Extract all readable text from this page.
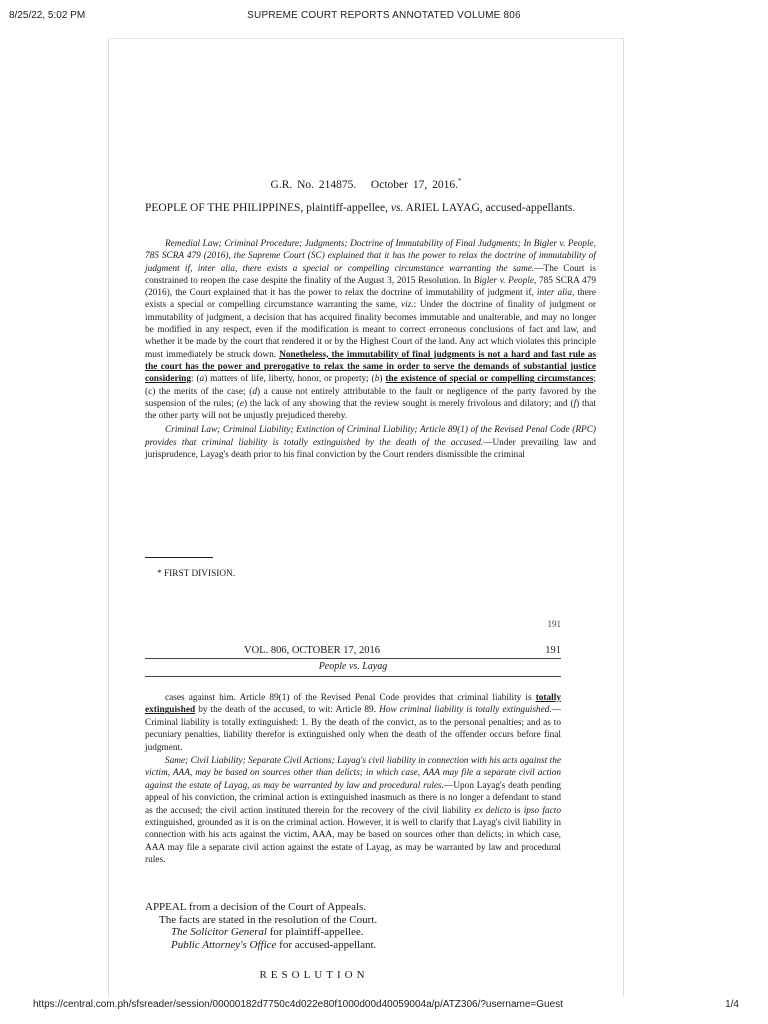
8/25/22, 5:02 PM	SUPREME COURT REPORTS ANNOTATED VOLUME 806
G.R. No. 214875. October 17, 2016.*
PEOPLE OF THE PHILIPPINES, plaintiff-appellee, vs. ARIEL LAYAG, accused-appellants.

Remedial Law; Criminal Procedure; Judgments; Doctrine of Immutability of Final Judgments; In Bigler v. People, 785 SCRA 479 (2016), the Supreme Court (SC) explained that it has the power to relax the doctrine of immutability of judgment if, inter alia, there exists a special or compelling circumstance warranting the same.—The Court is constrained to reopen the case despite the finality of the August 3, 2015 Resolution. In Bigler v. People, 785 SCRA 479 (2016), the Court explained that it has the power to relax the doctrine of immutability of judgment if, inter alia, there exists a special or compelling circumstance warranting the same, viz.: Under the doctrine of finality of judgment or immutability of judgment, a decision that has acquired finality becomes immutable and unalterable, and may no longer be modified in any respect, even if the modification is meant to correct erroneous conclusions of fact and law, and whether it be made by the court that rendered it or by the Highest Court of the land. Any act which violates this principle must immediately be struck down. Nonetheless, the immutability of final judgments is not a hard and fast rule as the court has the power and prerogative to relax the same in order to serve the demands of substantial justice considering: (a) matters of life, liberty, honor, or property; (b) the existence of special or compelling circumstances; (c) the merits of the case; (d) a cause not entirely attributable to the fault or negligence of the party favored by the suspension of the rules; (e) the lack of any showing that the review sought is merely frivolous and dilatory; and (f) that the other party will not be unjustly prejudiced thereby.

Criminal Law; Criminal Liability; Extinction of Criminal Liability; Article 89(1) of the Revised Penal Code (RPC) provides that criminal liability is totally extinguished by the death of the accused.—Under prevailing law and jurisprudence, Layag's death prior to his final conviction by the Court renders dismissible the criminal

* FIRST DIVISION.
191
VOL. 806, OCTOBER 17, 2016	191
People vs. Layag

cases against him. Article 89(1) of the Revised Penal Code provides that criminal liability is totally extinguished by the death of the accused, to wit: Article 89. How criminal liability is totally extinguished.—Criminal liability is totally extinguished: 1. By the death of the convict, as to the personal penalties; and as to pecuniary penalties, liability therefor is extinguished only when the death of the offender occurs before final judgment.

Same; Civil Liability; Separate Civil Actions; Layag's civil liability in connection with his acts against the victim, AAA, may be based on sources other than delicts; in which case, AAA may file a separate civil action against the estate of Layag, as may be warranted by law and procedural rules.—Upon Layag's death pending appeal of his conviction, the criminal action is extinguished inasmuch as there is no longer a defendant to stand as the accused; the civil action instituted therein for the recovery of the civil liability ex delicto is ipso facto extinguished, grounded as it is on the criminal action. However, it is well to clarify that Layag's civil liability in connection with his acts against the victim, AAA, may be based on sources other than delicts; in which case, AAA may file a separate civil action against the estate of Layag, as may be warranted by law and procedural rules.

APPEAL from a decision of the Court of Appeals.
The facts are stated in the resolution of the Court.
The Solicitor General for plaintiff-appellee.
Public Attorney's Office for accused-appellant.
RESOLUTION
https://central.com.ph/sfsreader/session/00000182d7750c4d022e80f1000d00d40059004a/p/ATZ306/?username=Guest	1/4
